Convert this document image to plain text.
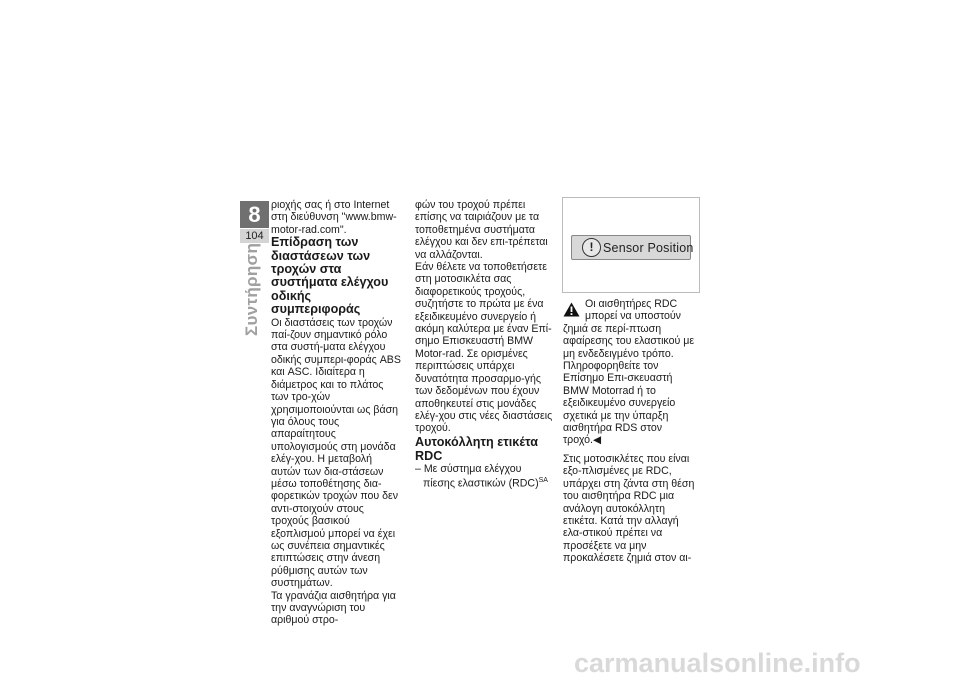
8
104
Συντήρηση

ριοχής σας ή στο Internet στη διεύθυνση "www.bmw-motor-rad.com".

Επίδραση των διαστάσεων των τροχών στα συστήματα ελέγχου οδικής συμπεριφοράς

Οι διαστάσεις των τροχών παί-ζουν σημαντικό ρόλο στα συστή-ματα ελέγχου οδικής συμπερι-φοράς ABS και ASC. Ιδιαίτερα η διάμετρος και το πλάτος των τρο-χών χρησιμοποιούνται ως βάση για όλους τους απαραίτητους υπολογισμούς στη μονάδα ελέγ-χου. Η μεταβολή αυτών των δια-στάσεων μέσω τοποθέτησης δια-φορετικών τροχών που δεν αντι-στοιχούν στους τροχούς βασικού εξοπλισμού μπορεί να έχει ως συνέπεια σημαντικές επιπτώσεις στην άνεση ρύθμισης αυτών των συστημάτων.

Τα γρανάζια αισθητήρα για την αναγνώριση του αριθμού στρο-

φών του τροχού πρέπει επίσης να ταιριάζουν με τα τοποθετημένα συστήματα ελέγχου και δεν επι-τρέπεται να αλλάζονται.

Εάν θέλετε να τοποθετήσετε στη μοτοσικλέτα σας διαφορετικούς τροχούς, συζητήστε το πρώτα με ένα εξειδικευμένο συνεργείο ή ακόμη καλύτερα με έναν Επί-σημο Επισκευαστή BMW Motor-rad. Σε ορισμένες περιπτώσεις υπάρχει δυνατότητα προσαρμο-γής των δεδομένων που έχουν αποθηκευτεί στις μονάδες ελέγ-χου στις νέες διαστάσεις τροχού.

Αυτοκόλλητη ετικέτα RDC

– Με σύστημα ελέγχου πίεσης ελαστικών (RDC)$^{SA}$

! Sensor Position

Οι αισθητήρες RDC μπορεί να υποστούν ζημιά σε περί-πτωση αφαίρεσης του ελαστικού με μη ενδεδειγμένο τρόπο.

Πληροφορηθείτε τον Επίσημο Επι-σκευαστή BMW Motorrad ή το εξειδικευμένο συνεργείο σχετικά με την ύπαρξη αισθητήρα RDS στον τροχό.◀

Στις μοτοσικλέτες που είναι εξο-πλισμένες με RDC, υπάρχει στη ζάντα στη θέση του αισθητήρα RDC μια ανάλογη αυτοκόλλητη ετικέτα. Κατά την αλλαγή ελα-στικού πρέπει να προσέξετε να μην προκαλέσετε ζημιά στον αι-

carmanualsonline.info
